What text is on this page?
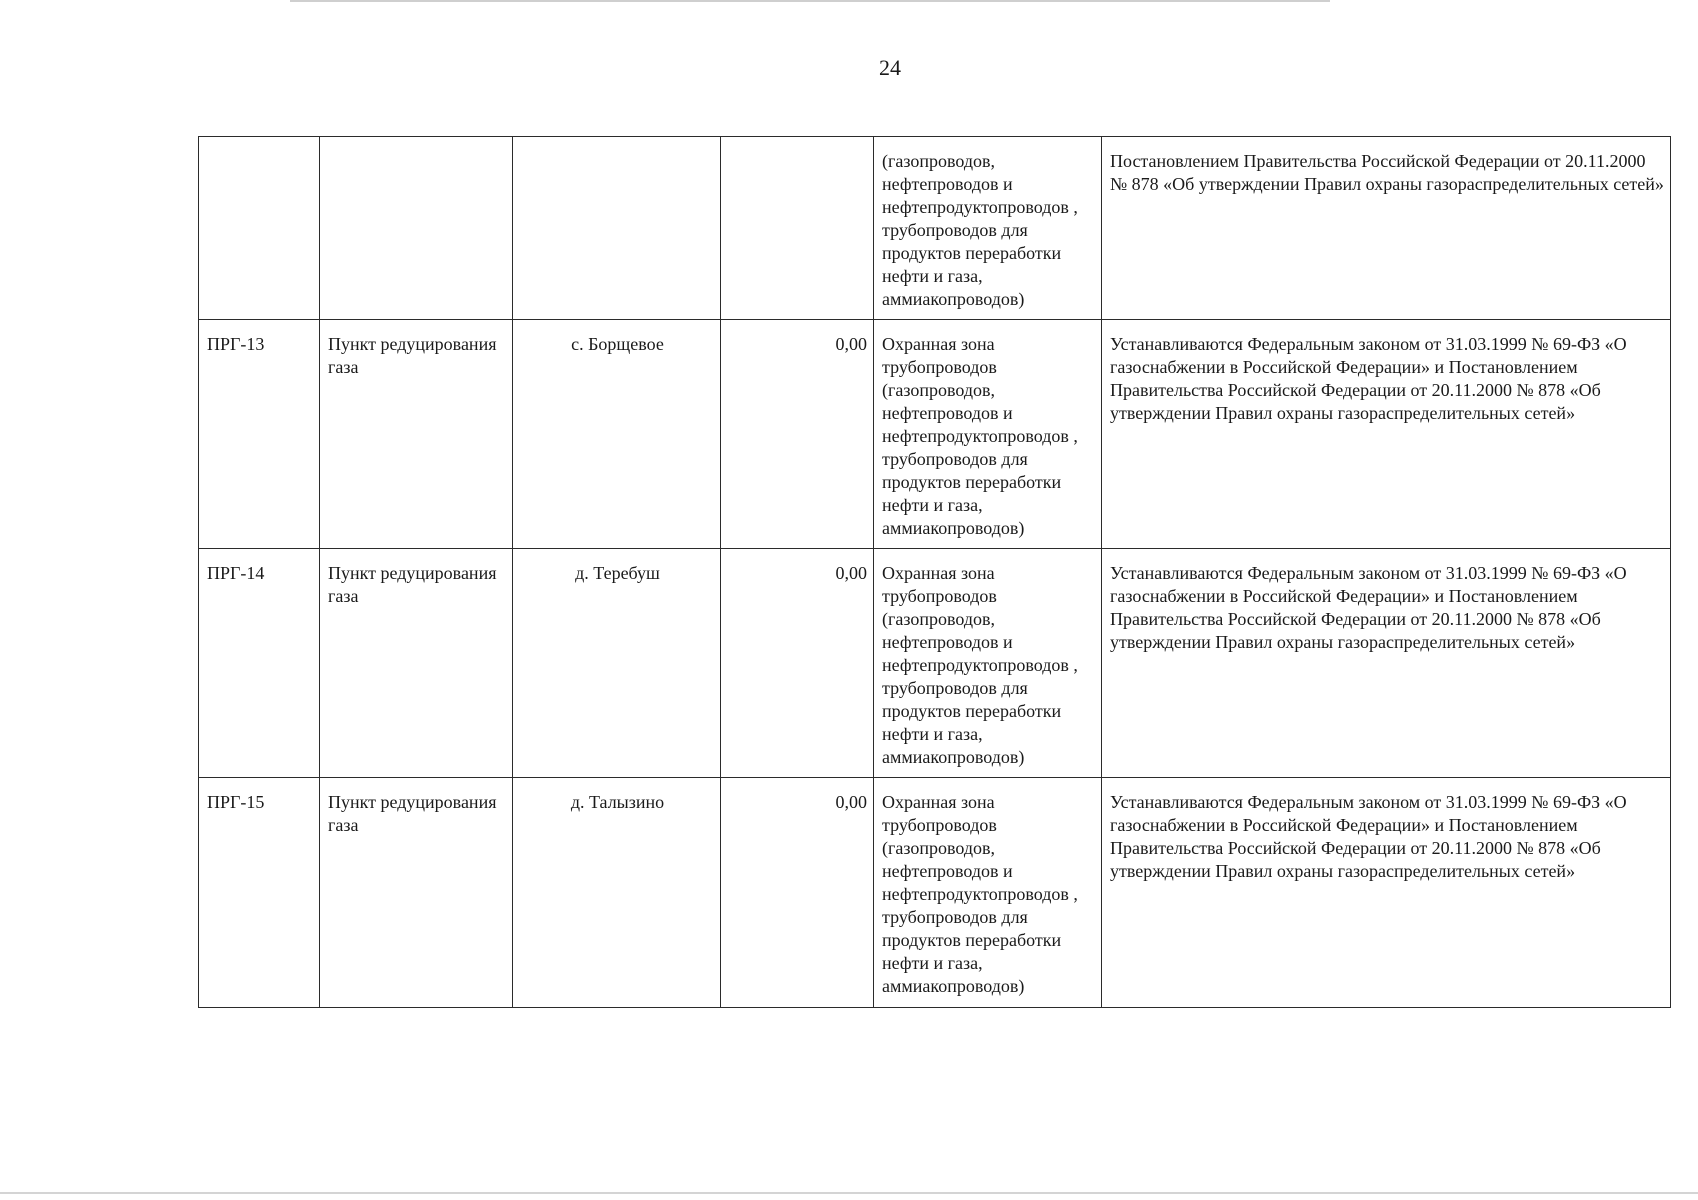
24
				(газопроводов, нефтепроводов и нефтепродуктопроводов , трубопроводов для продуктов переработки нефти и газа, аммиакопроводов)	Постановлением Правительства Российской Федерации от 20.11.2000 № 878 «Об утверждении Правил охраны газораспределительных сетей»
ПРГ-13	Пункт редуцирования газа	с. Борщевое	0,00	Охранная зона трубопроводов (газопроводов, нефтепроводов и нефтепродуктопроводов , трубопроводов для продуктов переработки нефти и газа, аммиакопроводов)	Устанавливаются Федеральным законом от 31.03.1999 № 69-ФЗ «О газоснабжении в Российской Федерации» и Постановлением Правительства Российской Федерации от 20.11.2000 № 878 «Об утверждении Правил охраны газораспределительных сетей»
ПРГ-14	Пункт редуцирования газа	д. Теребуш	0,00	Охранная зона трубопроводов (газопроводов, нефтепроводов и нефтепродуктопроводов , трубопроводов для продуктов переработки нефти и газа, аммиакопроводов)	Устанавливаются Федеральным законом от 31.03.1999 № 69-ФЗ «О газоснабжении в Российской Федерации» и Постановлением Правительства Российской Федерации от 20.11.2000 № 878 «Об утверждении Правил охраны газораспределительных сетей»
ПРГ-15	Пункт редуцирования газа	д. Талызино	0,00	Охранная зона трубопроводов (газопроводов, нефтепроводов и нефтепродуктопроводов , трубопроводов для продуктов переработки нефти и газа, аммиакопроводов)	Устанавливаются Федеральным законом от 31.03.1999 № 69-ФЗ «О газоснабжении в Российской Федерации» и Постановлением Правительства Российской Федерации от 20.11.2000 № 878 «Об утверждении Правил охраны газораспределительных сетей»
